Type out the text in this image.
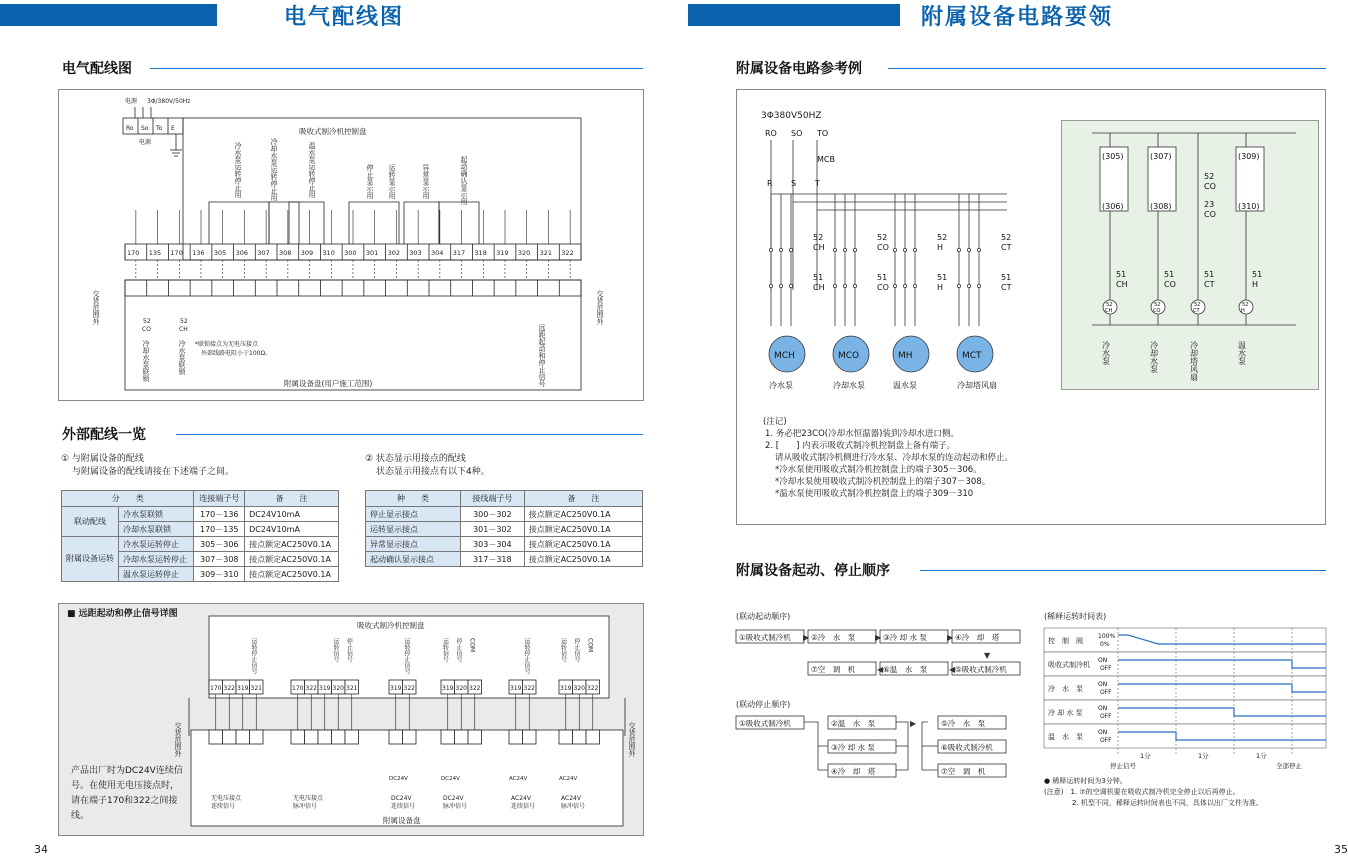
电气配线图	附属设备电路要领
电气配线图
电源 3Φ/380V/50Hz
Ro So To E
电源
吸收式制冷机控制盘
附属设备盘(用户施工范围)
52
CO
52
CH
*联锁接点为无电压接点
外部线路电阻小于100Ω。
170 135 170 136 305 306 307 308 309 310 300 301 302 303 304 317 318 319 320 321 322
冷水泵运转停止用	冷却水泵运转停止用	温水泵运转停止用	停止显示用 运转显示用	异常显示用	起动确认显示用
交货范围外	交货范围外
冷却水泵联锁	冷水泵联锁	远距起动和停止信号
外部配线一览
① 与附属设备的配线
与附属设备的配线请接在下述端子之间。
② 状态显示用接点的配线
状态显示用接点有以下4种。
分　　类		连接端子号	备　　注
联动配线	冷水泵联锁	170－136	DC24V10mA
	冷却水泵联锁	170－135	DC24V10mA
附属设备运转	冷水泵运转停止	305－306	接点额定AC250V0.1A
	冷却水泵运转停止	307－308	接点额定AC250V0.1A
	温水泵运转停止	309－310	接点额定AC250V0.1A
种　　类	接线端子号	备　　注
停止显示接点	300－302	接点额定AC250V0.1A
运转显示接点	301－302	接点额定AC250V0.1A
异常显示接点	303－304	接点额定AC250V0.1A
起动确认显示接点	317－318	接点额定AC250V0.1A
■ 远距起动和停止信号详图
吸收式制冷机控制盘
附属设备盘
170 322 319 321
运转停止信号
无电压接点
连续信号
170 322 319 320 321
运转信号 停止信号
无电压接点
脉冲信号
319 322
运转停止信号
DC24V
DC24V
连续信号
319 320 322
运转信号 停止信号 COM
DC24V
DC24V
脉冲信号
319 322
运转停止信号
AC24V
AC24V
连续信号
319 320 322
运转信号 停止信号 COM
AC24V
AC24V
脉冲信号
交货范围外	交货范围外
产品出厂时为DC24V连续信号。在使用无电压接点时，请在端子170和322之间接线。
34
附属设备电路参考例
RO SO TO
MCB
R S T
52
CH
51
CH
MCH
冷水泵
52
CO
51
CO
MCO
冷却水泵
52
H
51
H
MH
温水泵
52
CT
51
CT
MCT
冷却塔风扇
3Φ380V50HZ
52
CH
51
CH
冷水泵
52
CO
51
CO
冷却水泵
52
CT
51
CT
冷却塔风扇
52
H
51
H
温水泵
(305)
(306)
(307)
(308)
(309)
(310)
52
CO
23
CO
(注记)
1. 务必把23CO(冷却水恒温器)装到冷却水进口侧。
2. [　　] 内表示吸收式制冷机控制盘上备有端子。
请从吸收式制冷机侧进行冷水泵、冷却水泵的连动起动和停止。
*冷水泵使用吸收式制冷机控制盘上的端子305－306。
*冷却水泵使用吸收式制冷机控制盘上的端子307－308。
*温水泵使用吸收式制冷机控制盘上的端子309－310
附属设备起动、停止顺序
(联动起动顺序)
①吸收式制冷机	②冷　水　泵	③冷 却 水 泵	④冷　却　塔
⑤吸收式制冷机
⑥温　水　泵
⑦空　调　机
▶	▶	▶
▼
◀	◀
①吸收式制冷机	②温　水　泵
③冷 却 水 泵
④冷　却　塔
⑤冷　水　泵
⑥吸收式制冷机
⑦空　调　机
▶
(联动停止顺序)
(稀释运转时间表)
控　制　阀
100%
0%
吸收式制冷机
ON
OFF
冷　水　泵
ON
OFF
冷 却 水 泵
ON
OFF
温　水　泵
ON
OFF
1分	1分	1分
停止信号	全部停止
● 稀释运转时间为3分钟。
(注意)　1. ⑦的空调机要在吸收式制冷机完全停止以后再停止。
　　　　2. 机型不同，稀释运转时间表也不同，具体以出厂文件为准。
35
